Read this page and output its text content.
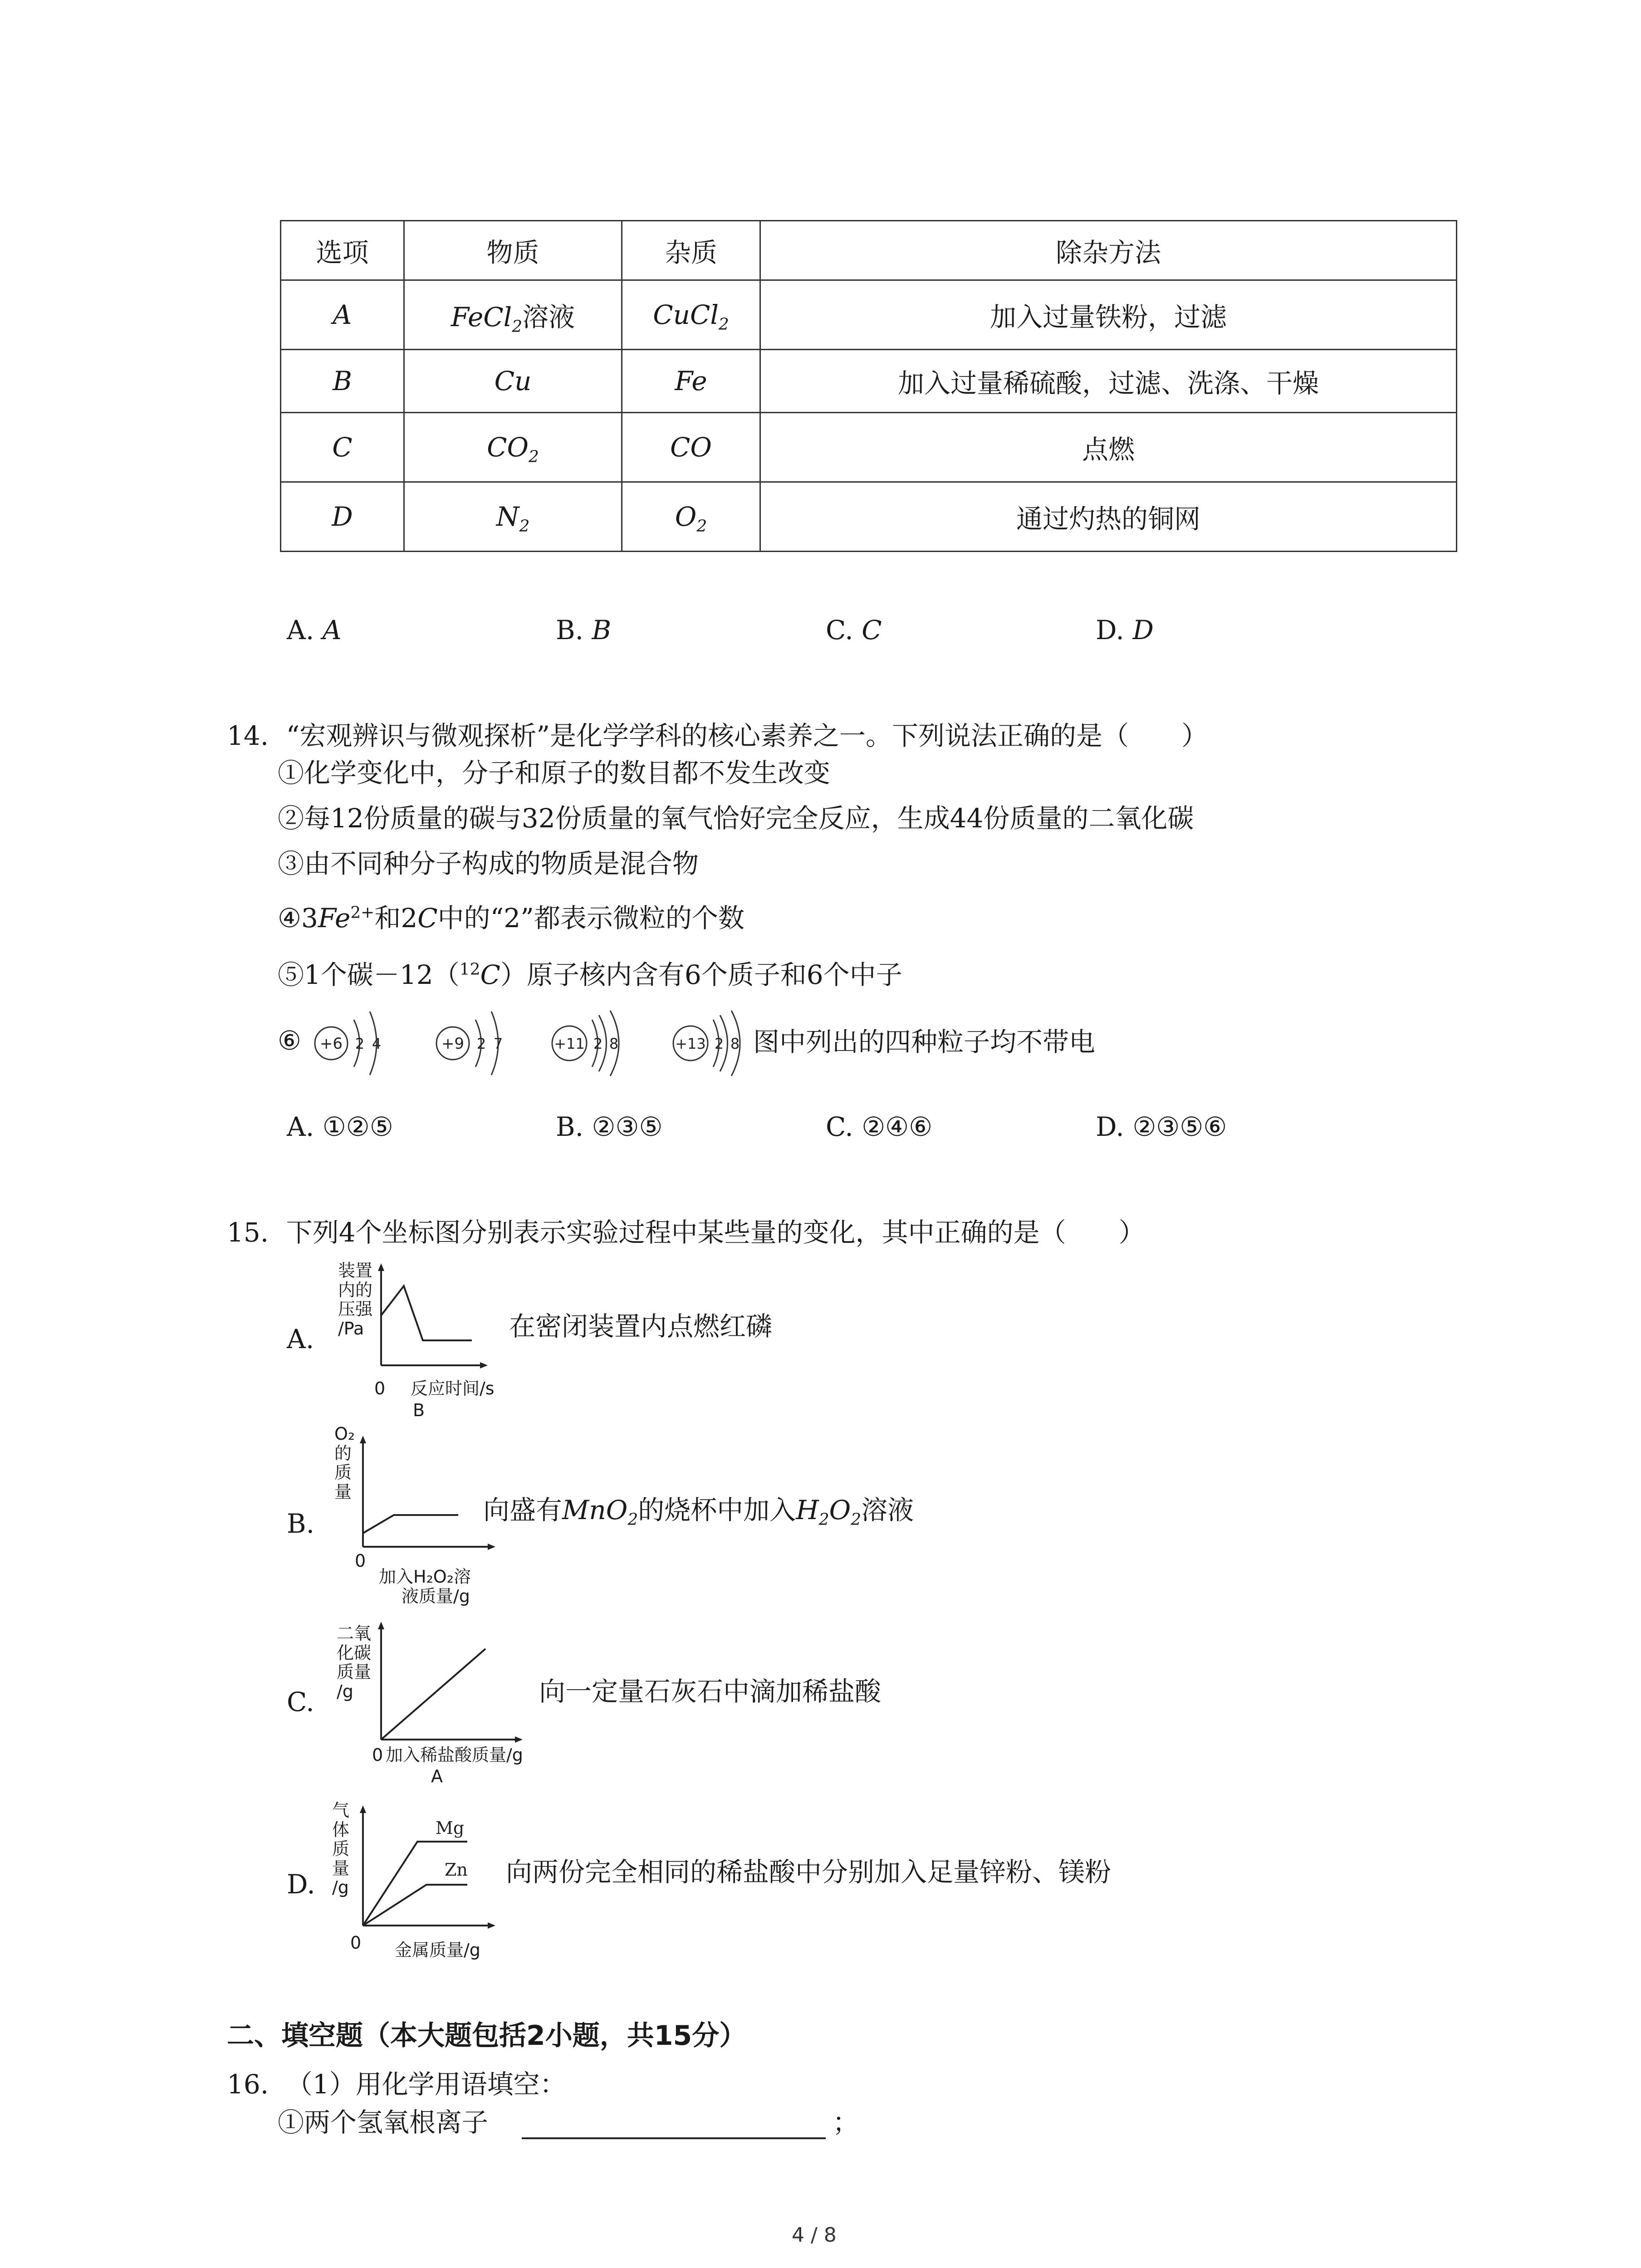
选项	物质	杂质	除杂方法
A	FeCl$_2$溶液	CuCl$_2$	加入过量铁粉，过滤
B	Cu	Fe	加入过量稀硫酸，过滤、洗涤、干燥
C	$CO_2$	CO	点燃
D	$N_2$	$O_2$	通过灼热的铜网
A. A	B. B	C. C	D. D
14. “宏观辨识与微观探析”是化学学科的核心素养之一。下列说法正确的是（　　）
①化学变化中，分子和原子的数目都不发生改变
②每12份质量的碳与32份质量的氧气恰好完全反应，生成44份质量的二氧化碳
③由不同种分子构成的物质是混合物
$④3Fe^{2+}$和2C中的“2”都表示微粒的个数
⑤1个碳－12（$^{12}$C）原子核内含有6个质子和6个中子
⑥ +6 2 4	+9 2 7	+11 2 8	+13 2 8 图中列出的四种粒子均不带电
A. ①②⑤	B. ②③⑤	C. ②④⑥	D. ②③⑤⑥
15. 下列4个坐标图分别表示实验过程中某些量的变化，其中正确的是（　　）
A.
装置
内的
压强
/Pa
0 反应时间/s
B
在密闭装置内点燃红磷
B.
O₂
的
质
量
0
加入H₂O₂溶
液质量/g
向盛有MnO$_2$的烧杯中加入$H_2O_2$溶液
C.
二氧
化碳
质量
/g
0 加入稀盐酸质量/g
A
向一定量石灰石中滴加稀盐酸
D.
气
体
质
量
/g
Mg
Zn
0 金属质量/g
向两份完全相同的稀盐酸中分别加入足量锌粉、镁粉
二、填空题（本大题包括2小题，共15分）
16. （1）用化学用语填空：
①两个氢氧根离子	；
4 / 8
